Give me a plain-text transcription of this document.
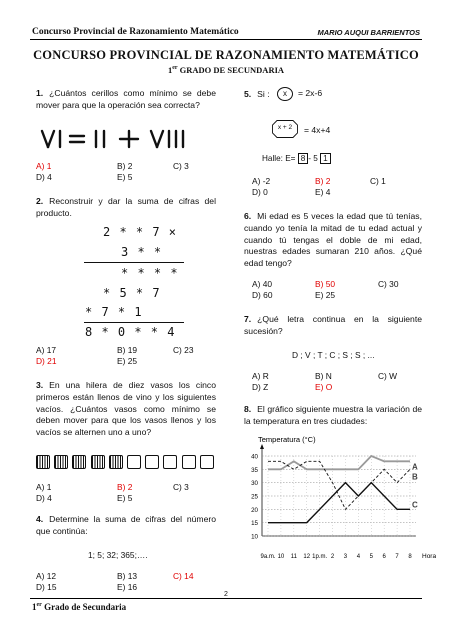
Concurso Provincial de Razonamiento Matemático	MARIO AUQUI BARRIENTOS
CONCURSO PROVINCIAL DE RAZONAMIENTO MATEMÁTICO
1er GRADO DE SECUNDARIA
1. ¿Cuántos cerillos como mínimo se debe mover para que la operación sea correcta?
A) 1	B) 2	C) 3
D) 4	E) 5
2. Reconstruir y dar la suma de cifras del producto.
2 * * 7 ×
3 * *
* * * *
* 5 * 7
* 7 * 1
8 * 0 * * 4
A) 17	B) 19	C) 23
D) 21	E) 25
3. En una hilera de diez vasos los cinco primeros están llenos de vino y los siguientes vacíos. ¿Cuántos vasos como mínimo se deben mover para que los vasos llenos y los vacíos se alternen uno a uno?
A) 1	B) 2	C) 3
D) 4	E) 5
4. Determine la suma de cifras del número que continúa:
1; 5; 32; 365;….
A) 12	B) 13	C) 14
D) 15	E) 16
5. Si :	x	= 2x-6
x + 2	= 4x+4
Halle: E= 8 - 5 1
A) -2	B) 2	C) 1
D) 0	E) 4
6. Mi edad es 5 veces la edad que tú tenías, cuando yo tenía la mitad de tu edad actual y cuando tú tengas el doble de mi edad, nuestras edades sumaran 210 años. ¿Qué edad tengo?
A) 40	B) 50	C) 30
D) 60	E) 25
7. ¿Qué letra continua en la siguiente sucesión?
D ; V ; T ; C ; S ; S ; ...
A) R	B) N	C) W
D) Z	E) O
8. El gráfico siguiente muestra la variación de la temperatura en tres ciudades:
Temperatura (°C)
10
15
20
25
30
35
40
9a.m. 10 11 12 1p.m. 2 3 4 5 6 7 8 Hora
A
B
C
2
1er Grado de Secundaria
